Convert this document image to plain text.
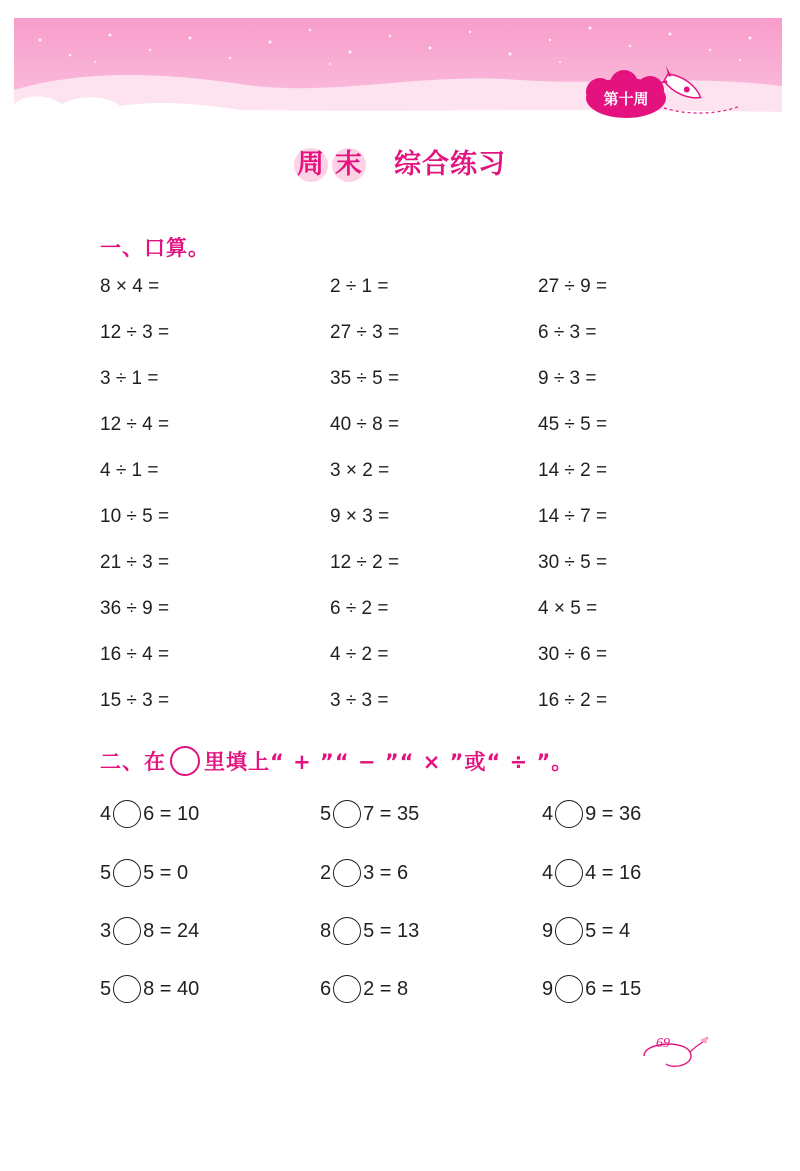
第十周
周 末 综合练习
一、口算。
8 × 4 =	2 ÷ 1 =	27 ÷ 9 =
12 ÷ 3 =	27 ÷ 3 =	6 ÷ 3 =
3 ÷ 1 =	35 ÷ 5 =	9 ÷ 3 =
12 ÷ 4 =	40 ÷ 8 =	45 ÷ 5 =
4 ÷ 1 =	3 × 2 =	14 ÷ 2 =
10 ÷ 5 =	9 × 3 =	14 ÷ 7 =
21 ÷ 3 =	12 ÷ 2 =	30 ÷ 5 =
36 ÷ 9 =	6 ÷ 2 =	4 × 5 =
16 ÷ 4 =	4 ÷ 2 =	30 ÷ 6 =
15 ÷ 3 =	3 ÷ 3 =	16 ÷ 2 =
二、在 里填上“ + ”“ − ”“ × ”或“ ÷ ”。
4 6 = 10	5 7 = 35	4 9 = 36
5 5 = 0	2 3 = 6	4 4 = 16
3 8 = 24	8 5 = 13	9 5 = 4
5 8 = 40	6 2 = 8	9 6 = 15
69
